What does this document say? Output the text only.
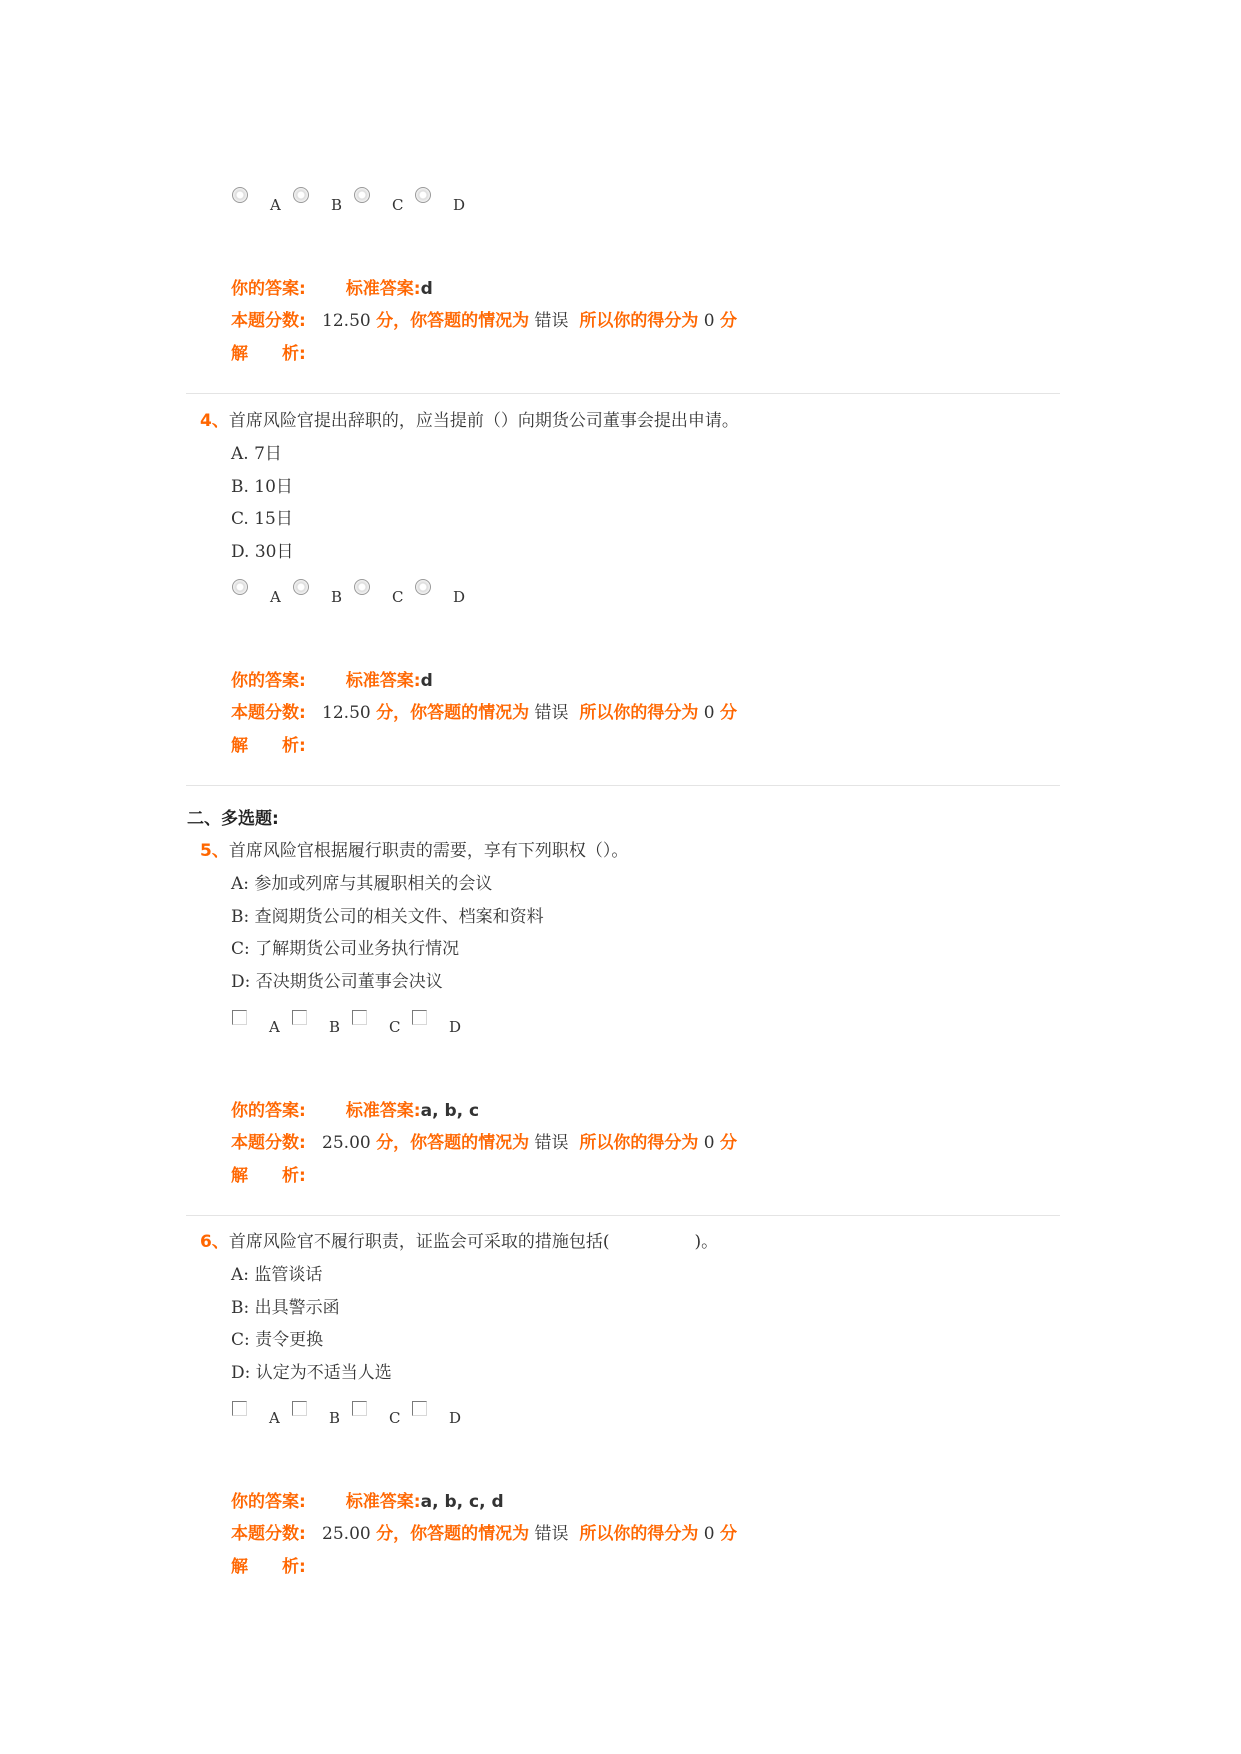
A	B	C	D
你的答案: 标准答案:d
本题分数: 12.50 分，你答题的情况为 错误 所以你的得分为 0 分
解　　析:
4、首席风险官提出辞职的，应当提前（）向期货公司董事会提出申请。
A. 7日
B. 10日
C. 15日
D. 30日
A	B	C	D
你的答案: 标准答案:d
本题分数: 12.50 分，你答题的情况为 错误 所以你的得分为 0 分
解　　析:
二、多选题:
5、首席风险官根据履行职责的需要，享有下列职权（）。
A: 参加或列席与其履职相关的会议
B: 查阅期货公司的相关文件、档案和资料
C: 了解期货公司业务执行情况
D: 否决期货公司董事会决议
A	B	C	D
你的答案: 标准答案:a, b, c
本题分数: 25.00 分，你答题的情况为 错误 所以你的得分为 0 分
解　　析:
6、首席风险官不履行职责，证监会可采取的措施包括(　　　　　)。
A: 监管谈话
B: 出具警示函
C: 责令更换
D: 认定为不适当人选
A	B	C	D
你的答案: 标准答案:a, b, c, d
本题分数: 25.00 分，你答题的情况为 错误 所以你的得分为 0 分
解　　析:
